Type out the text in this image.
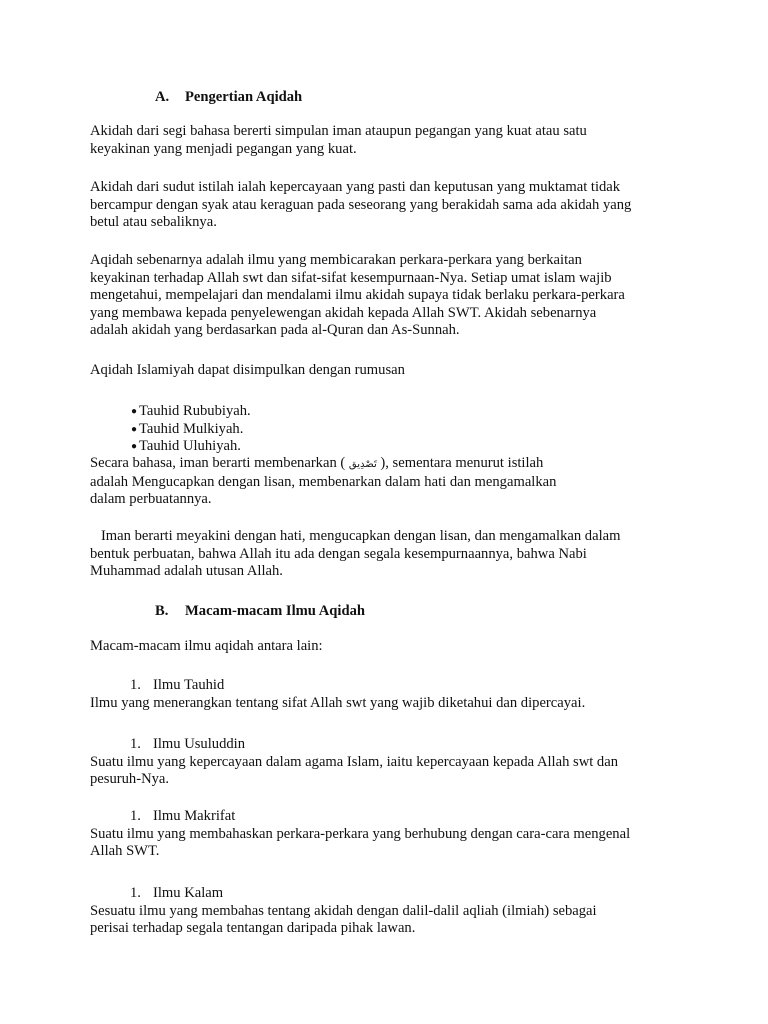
A. Pengertian Aqidah
Akidah dari segi bahasa bererti simpulan iman ataupun pegangan yang kuat atau satu
keyakinan yang menjadi pegangan yang kuat.
Akidah dari sudut istilah ialah kepercayaan yang pasti dan keputusan yang muktamat tidak
bercampur dengan syak atau keraguan pada seseorang yang berakidah sama ada akidah yang
betul atau sebaliknya.
Aqidah sebenarnya adalah ilmu yang membicarakan perkara-perkara yang berkaitan
keyakinan terhadap Allah swt dan sifat-sifat kesempurnaan-Nya. Setiap umat islam wajib
mengetahui, mempelajari dan mendalami ilmu akidah supaya tidak berlaku perkara-perkara
yang membawa kepada penyelewengan akidah kepada Allah SWT. Akidah sebenarnya
adalah akidah yang berdasarkan pada al-Quran dan As-Sunnah.
Aqidah Islamiyah dapat disimpulkan dengan rumusan
● Tauhid Rububiyah.
● Tauhid Mulkiyah.
● Tauhid Uluhiyah.
Secara bahasa, iman berarti membenarkan ( تَصْدِيق ), sementara menurut istilah
adalah Mengucapkan dengan lisan, membenarkan dalam hati dan mengamalkan
dalam perbuatannya.
Iman berarti meyakini dengan hati, mengucapkan dengan lisan, dan mengamalkan dalam
bentuk perbuatan, bahwa Allah itu ada dengan segala kesempurnaannya, bahwa Nabi
Muhammad adalah utusan Allah.
B. Macam-macam Ilmu Aqidah
Macam-macam ilmu aqidah antara lain:
1. Ilmu Tauhid
Ilmu yang menerangkan tentang sifat Allah swt yang wajib diketahui dan dipercayai.
1. Ilmu Usuluddin
Suatu ilmu yang kepercayaan dalam agama Islam, iaitu kepercayaan kepada Allah swt dan
pesuruh-Nya.
1. Ilmu Makrifat
Suatu ilmu yang membahaskan perkara-perkara yang berhubung dengan cara-cara mengenal
Allah SWT.
1. Ilmu Kalam
Sesuatu ilmu yang membahas tentang akidah dengan dalil-dalil aqliah (ilmiah) sebagai
perisai terhadap segala tentangan daripada pihak lawan.
